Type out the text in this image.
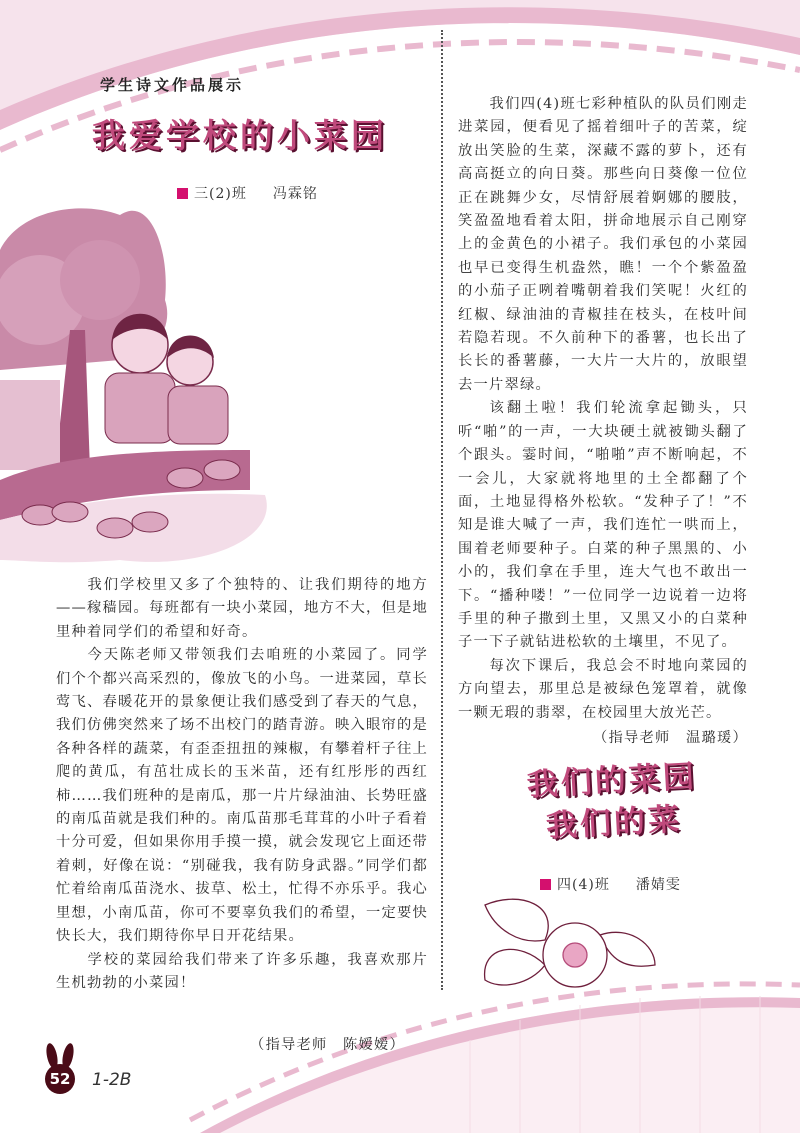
学生诗文作品展示
我爱学校的小菜园
三(2)班 冯霖铭

我们学校里又多了个独特的、让我们期待的地方——稼穑园。每班都有一块小菜园，地方不大，但是地里种着同学们的希望和好奇。

今天陈老师又带领我们去咱班的小菜园了。同学们个个都兴高采烈的，像放飞的小鸟。一进菜园，草长莺飞、春暖花开的景象便让我们感受到了春天的气息，我们仿佛突然来了场不出校门的踏青游。映入眼帘的是各种各样的蔬菜，有歪歪扭扭的辣椒，有攀着杆子往上爬的黄瓜，有茁壮成长的玉米苗，还有红彤彤的西红柿……我们班种的是南瓜，那一片片绿油油、长势旺盛的南瓜苗就是我们种的。南瓜苗那毛茸茸的小叶子看着十分可爱，但如果你用手摸一摸，就会发现它上面还带着刺，好像在说：“别碰我，我有防身武器。”同学们都忙着给南瓜苗浇水、拔草、松土，忙得不亦乐乎。我心里想，小南瓜苗，你可不要辜负我们的希望，一定要快快长大，我们期待你早日开花结果。

学校的菜园给我们带来了许多乐趣，我喜欢那片生机勃勃的小菜园！

（指导老师　陈嫒嫒）

我们四(4)班七彩种植队的队员们刚走进菜园，便看见了摇着细叶子的苦菜，绽放出笑脸的生菜，深藏不露的萝卜，还有高高挺立的向日葵。那些向日葵像一位位正在跳舞少女，尽情舒展着婀娜的腰肢，笑盈盈地看着太阳，拼命地展示自己刚穿上的金黄色的小裙子。我们承包的小菜园也早已变得生机盎然，瞧！一个个紫盈盈的小茄子正咧着嘴朝着我们笑呢！火红的红椒、绿油油的青椒挂在枝头，在枝叶间若隐若现。不久前种下的番薯，也长出了长长的番薯藤，一大片一大片的，放眼望去一片翠绿。

该翻土啦！我们轮流拿起锄头，只听“啪”的一声，一大块硬土就被锄头翻了个跟头。霎时间，“啪啪”声不断响起，不一会儿，大家就将地里的土全都翻了个面，土地显得格外松软。“发种子了！”不知是谁大喊了一声，我们连忙一哄而上，围着老师要种子。白菜的种子黑黑的、小小的，我们拿在手里，连大气也不敢出一下。“播种喽！”一位同学一边说着一边将手里的种子撒到土里，又黑又小的白菜种子一下子就钻进松软的土壤里，不见了。

每次下课后，我总会不时地向菜园的方向望去，那里总是被绿色笼罩着，就像一颗无瑕的翡翠，在校园里大放光芒。

（指导老师　温璐瑗）
我们的菜园
我们的菜
四(4)班 潘婧雯
52 1-2B
